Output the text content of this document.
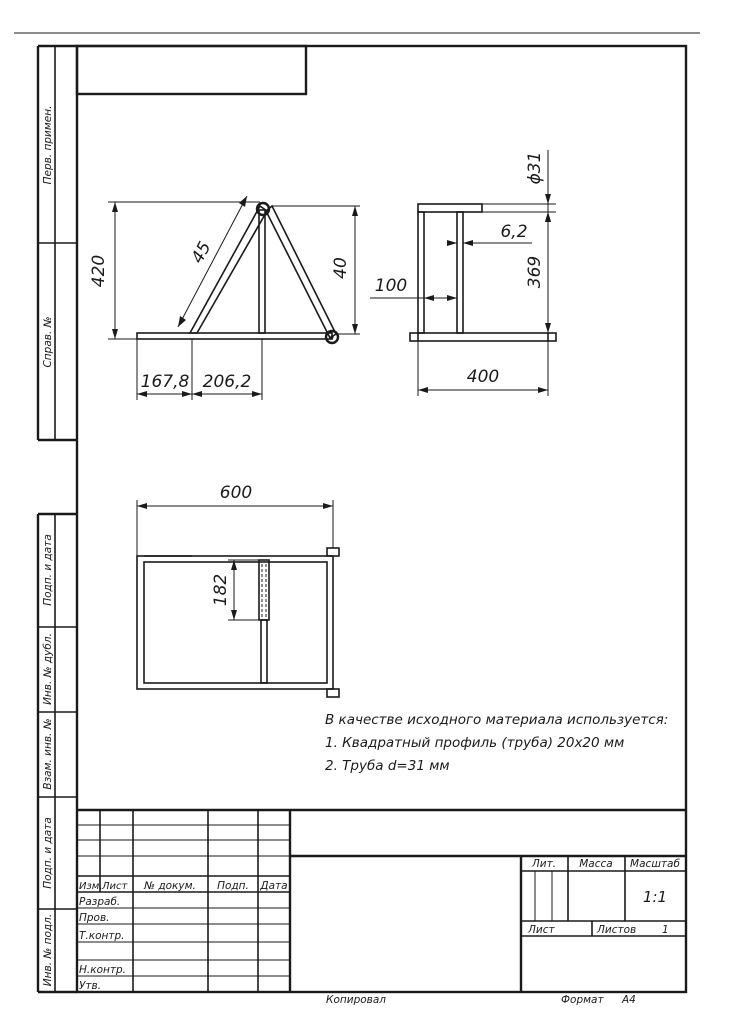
Перв. примен.
Справ. №
Подп. и дата
Инв. № дубл.
Взам. инв. №
Подп. и дата
Инв. № подл.
420
45
40
167,8 206,2
ϕ31
6,2
369
100
400
600
182
В качестве исходного материала используется:
1. Квадратный профиль (труба) 20x20 мм
2. Труба d=31 мм
Изм. Лист № докум. Подп. Дата
Разраб.
Пров.
Т.контр.
Н.контр.
Утв.
Лит. Масса Масштаб
1:1
Лист	Листов 1
Копировал	Формат А4
